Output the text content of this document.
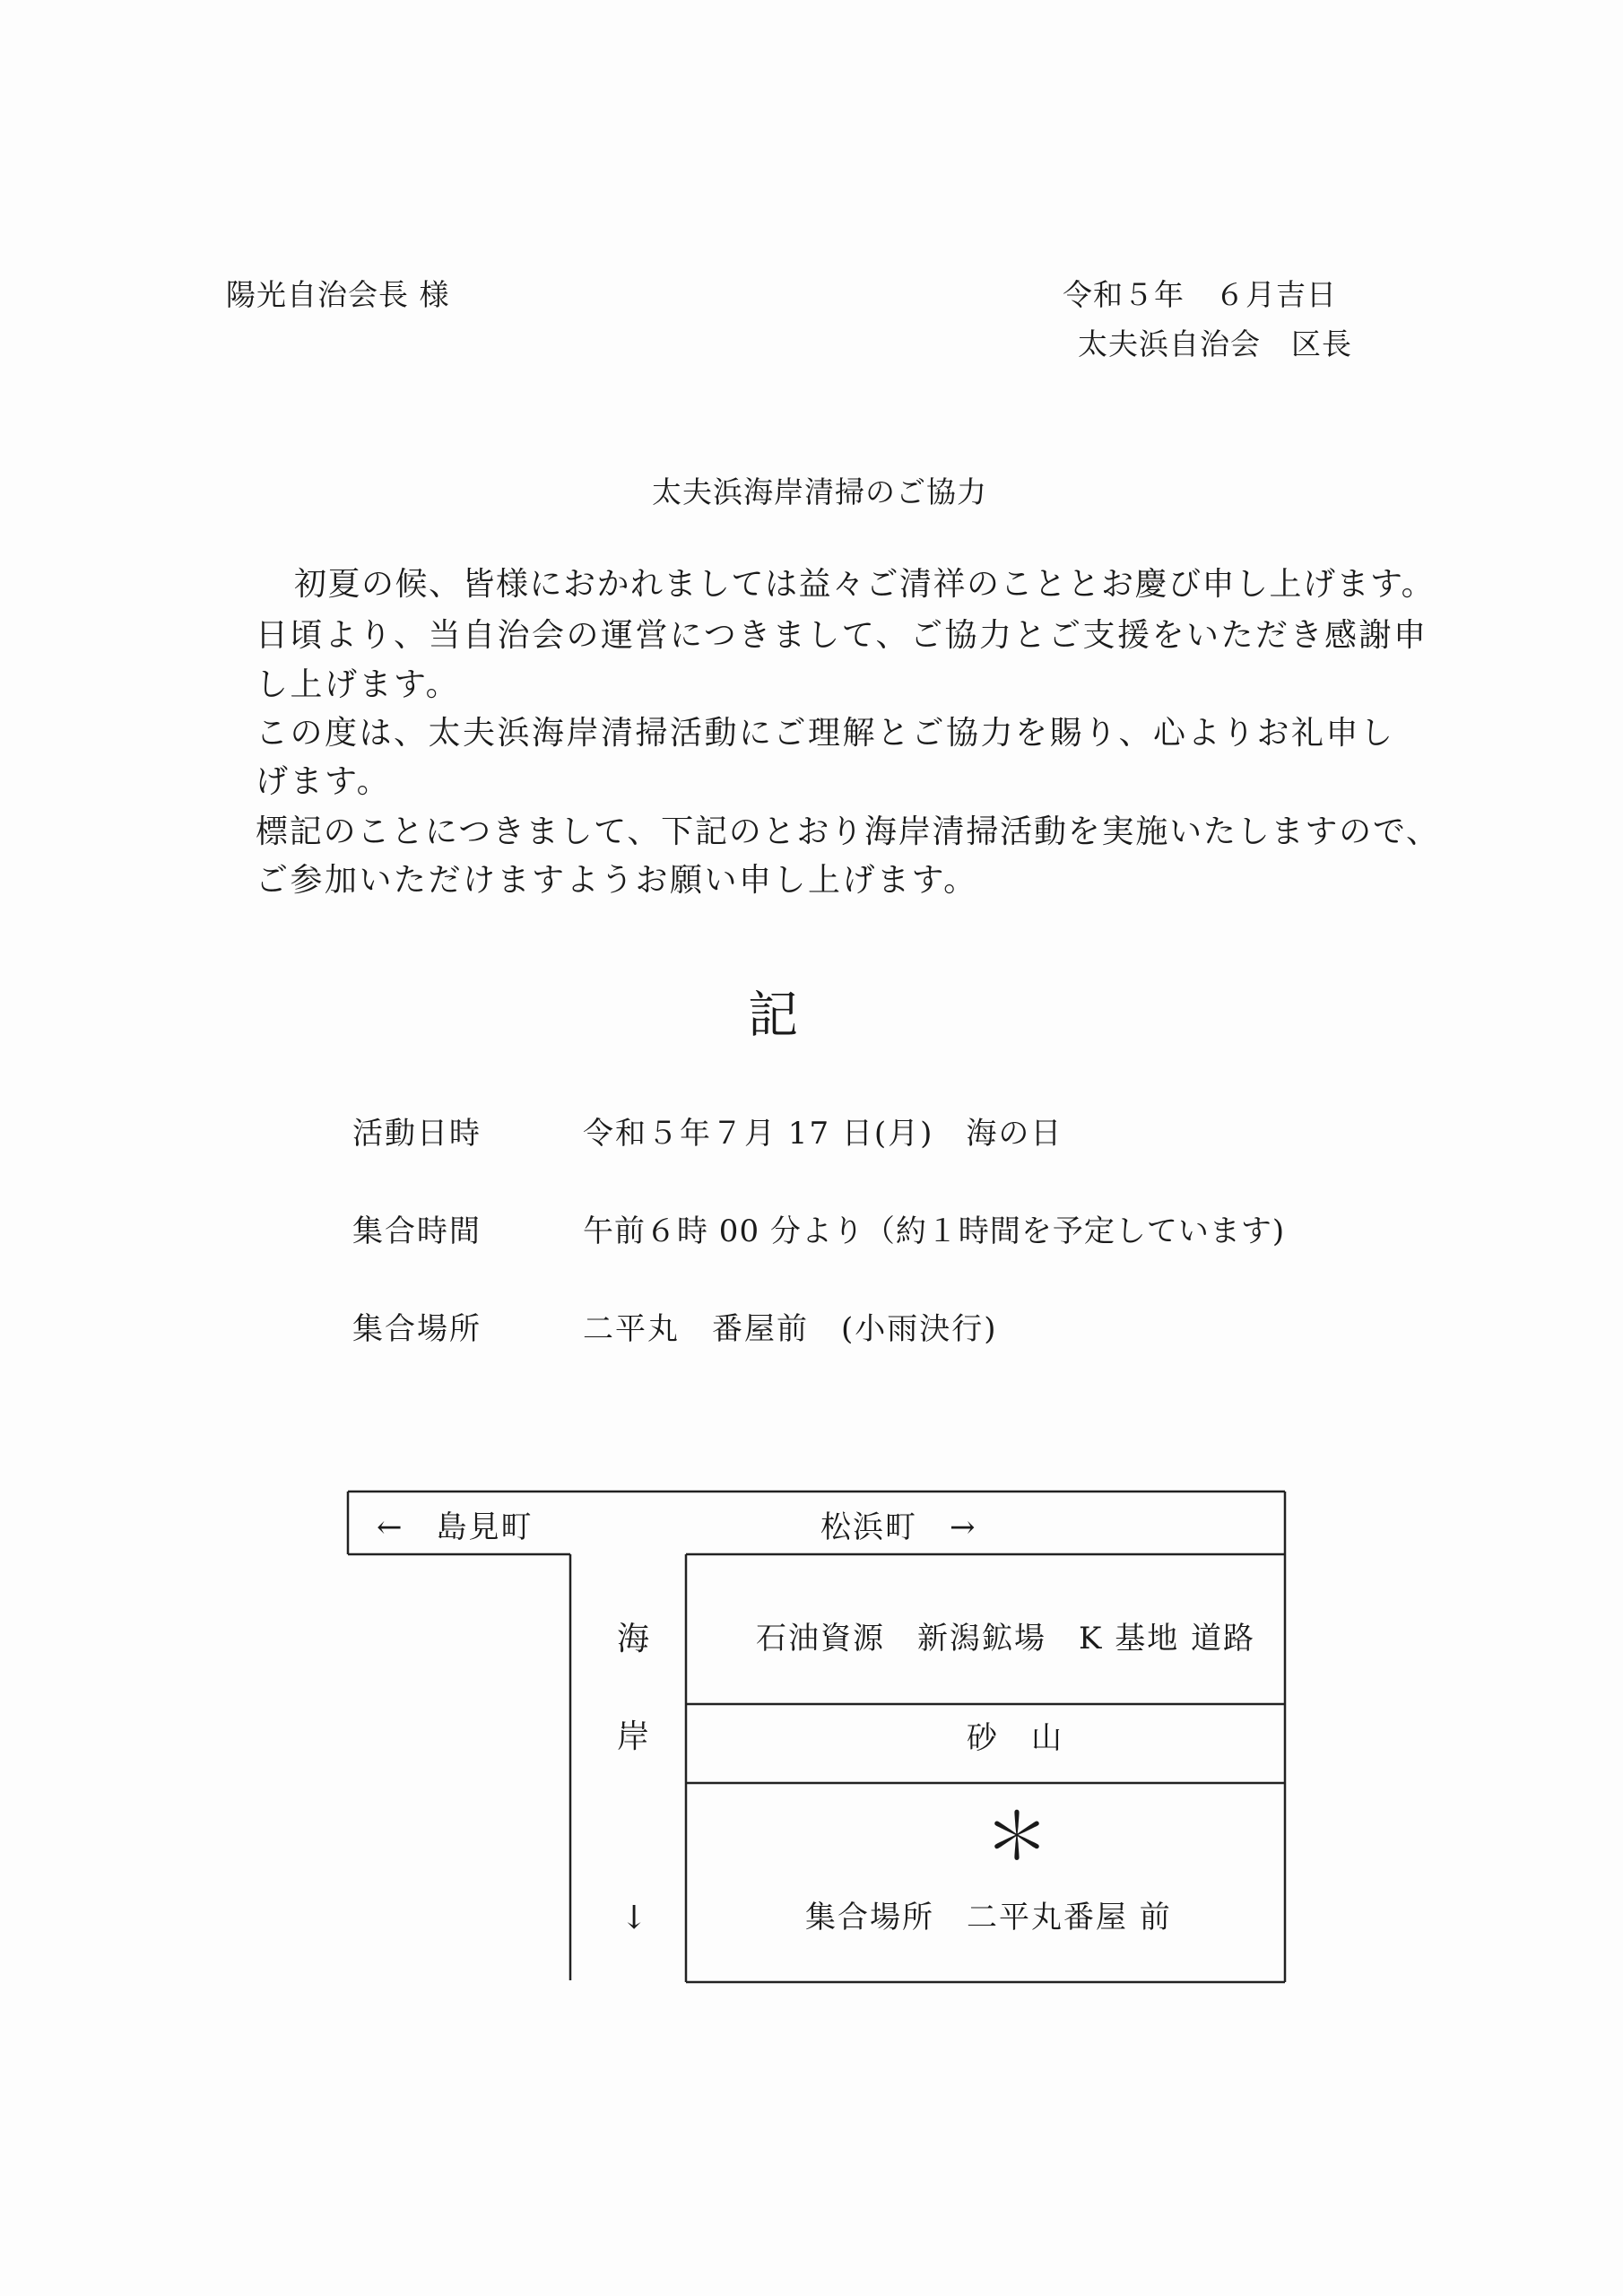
陽光自治会長 様	令和５年　６月吉日
太夫浜自治会　区長
太夫浜海岸清掃のご協力
初夏の候、皆様におかれましては益々ご清祥のこととお慶び申し上げます。
日頃より、当自治会の運営につきまして、ご協力とご支援をいただき感謝申
し上げます。
この度は、太夫浜海岸清掃活動にご理解とご協力を賜り、心よりお礼申し
げます。
標記のことにつきまして、下記のとおり海岸清掃活動を実施いたしますので、
ご参加いただけますようお願い申し上げます。
記
活動日時	令和５年７月 17 日(月)　海の日
集合時間	午前６時 00 分より（約１時間を予定しています)
集合場所	二平丸　番屋前　(小雨決行)
←　島見町	松浜町　→
海
岸
↓
石油資源　新潟鉱場　K 基地 道路
砂　山
＊
集合場所　二平丸番屋 前
